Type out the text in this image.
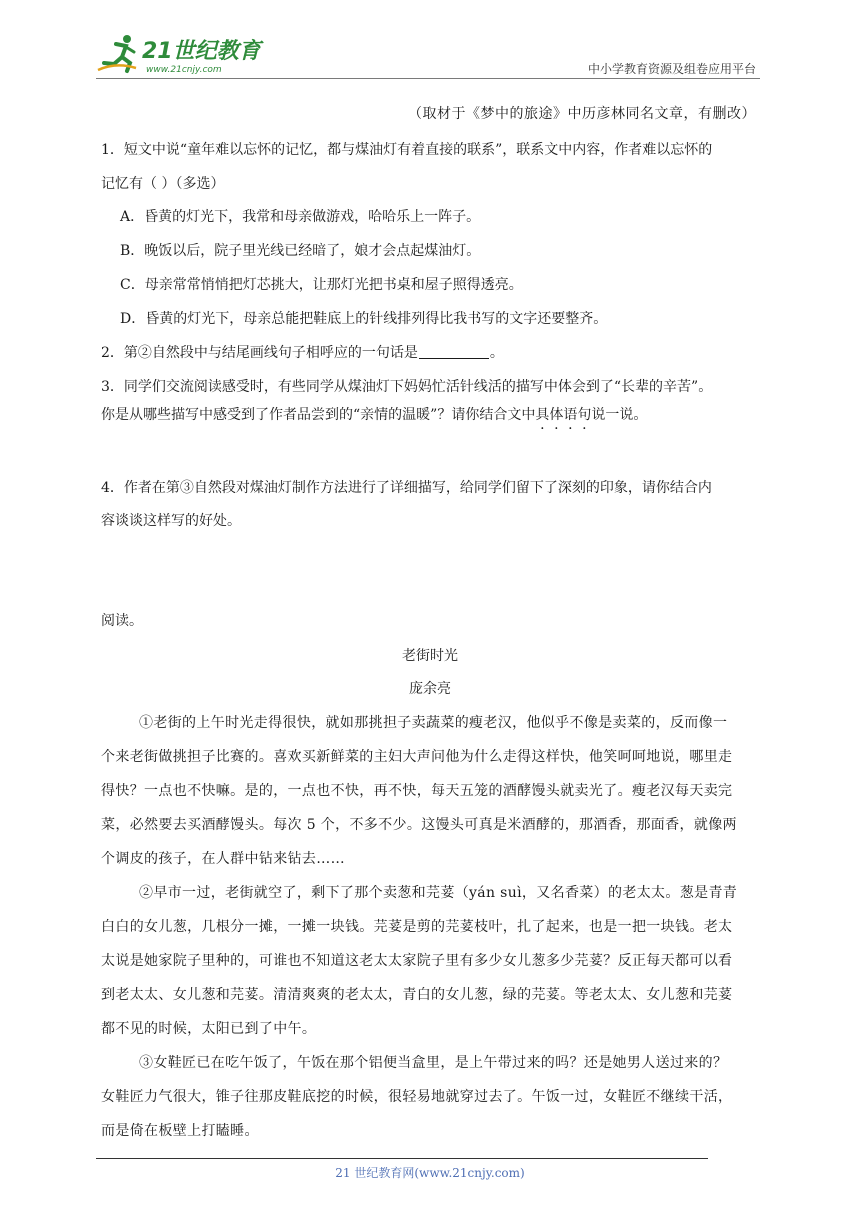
21世纪教育
www.21cnjy.com	中小学教育资源及组卷应用平台
（取材于《梦中的旅途》中历彦林同名文章，有删改）
1．短文中说“童年难以忘怀的记忆，都与煤油灯有着直接的联系”，联系文中内容，作者难以忘怀的
记忆有（ ）（多选）
A．昏黄的灯光下，我常和母亲做游戏，哈哈乐上一阵子。
B．晚饭以后，院子里光线已经暗了，娘才会点起煤油灯。
C．母亲常常悄悄把灯芯挑大，让那灯光把书桌和屋子照得透亮。
D．昏黄的灯光下，母亲总能把鞋底上的针线排列得比我书写的文字还要整齐。
2．第②自然段中与结尾画线句子相呼应的一句话是	。
3．同学们交流阅读感受时，有些同学从煤油灯下妈妈忙活针线活的描写中体会到了“长辈的辛苦”。
你是从哪些描写中感受到了作者品尝到的“亲情的温暖”？请你结合文中具体语句说一说。
4．作者在第③自然段对煤油灯制作方法进行了详细描写，给同学们留下了深刻的印象，请你结合内
容谈谈这样写的好处。
阅读。
老街时光
庞余亮
①老街的上午时光走得很快，就如那挑担子卖蔬菜的瘦老汉，他似乎不像是卖菜的，反而像一
个来老街做挑担子比赛的。喜欢买新鲜菜的主妇大声问他为什么走得这样快，他笑呵呵地说，哪里走
得快？一点也不快嘛。是的，一点也不快，再不快，每天五笼的酒酵馒头就卖光了。瘦老汉每天卖完
菜，必然要去买酒酵馒头。每次 5 个，不多不少。这馒头可真是米酒酵的，那酒香，那面香，就像两
个调皮的孩子，在人群中钻来钻去……
②早市一过，老街就空了，剩下了那个卖葱和芫荽（yán suì，又名香菜）的老太太。葱是青青
白白的女儿葱，几根分一摊，一摊一块钱。芫荽是剪的芫荽枝叶，扎了起来，也是一把一块钱。老太
太说是她家院子里种的，可谁也不知道这老太太家院子里有多少女儿葱多少芫荽？反正每天都可以看
到老太太、女儿葱和芫荽。清清爽爽的老太太，青白的女儿葱，绿的芫荽。等老太太、女儿葱和芫荽
都不见的时候，太阳已到了中午。
③女鞋匠已在吃午饭了，午饭在那个铝便当盒里，是上午带过来的吗？还是她男人送过来的？
女鞋匠力气很大，锥子往那皮鞋底挖的时候，很轻易地就穿过去了。午饭一过，女鞋匠不继续干活，
而是倚在板壁上打瞌睡。
21 世纪教育网(www.21cnjy.com)
